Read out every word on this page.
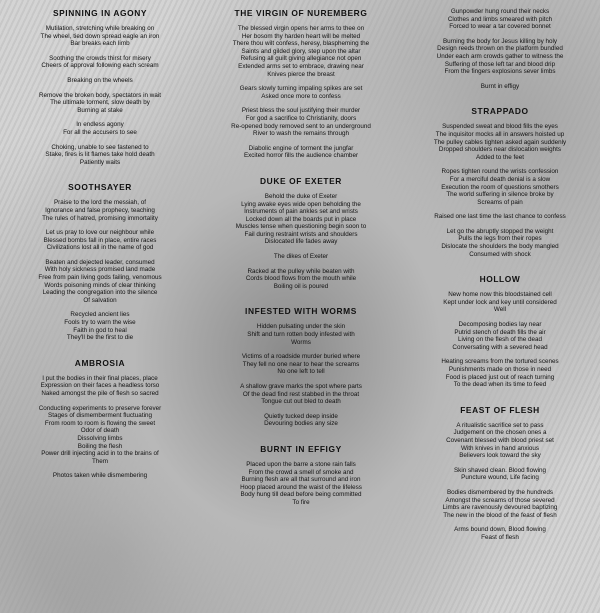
SPINNING IN AGONY
Mutilation, stretching while breaking on
The wheel, tied down spread eagle an iron
Bar breaks each limb
Soothing the crowds thirst for misery
Cheers of approval following each scream
Breaking on the wheels
Remove the broken body, spectators in wait
The ultimate torment, slow death by
Burning at stake
In endless agony
For all the accusers to see
Choking, unable to see fastened to
Stake, fires is lit flames take hold death
Patiently waits
SOOTHSAYER
Praise to the lord the messiah, of
Ignorance and false prophecy, teaching
The rules of hatred, promising immortality
Let us pray to love our neighbour while
Blessed bombs fall in place, entire races
Civilizations lost all in the name of god
Beaten and dejected leader, consumed
With holy sickness promised land made
Free from pain living gods failing, venomous
Words poisoning minds of clear thinking
Leading the congregation into the silence
Of salvation
Recycled ancient lies
Fools try to warn the wise
Faith in god to heal
They'll be the first to die
AMBROSIA
I put the bodies in their final places, place
Expression on their faces a headless torso
Naked amongst the pile of flesh so sacred
Conducting experiments to preserve forever
Stages of dismemberment fluctuating
From room to room is flowing the sweet
Odor of death
Dissolving limbs
Boiling the flesh
Power drill injecting acid in to the brains of
Them
Photos taken while dismembering
THE VIRGIN OF NUREMBERG
The blessed virgin opens her arms to thee on
Her bosom thy harden heart will be melted
There thou wilt confess, heresy, blaspheming the
Saints and gilded glory, step upon the altar
Refusing all guilt giving allegiance not open
Extended arms set to embrace, drawing near
Knives pierce the breast
Gears slowly turning impaling spikes are set
Asked once more to confess
Priest bless the soul justifying their murder
For god a sacrifice to Christianity, doors
Re-opened body removed sent to an underground
River to wash the remains through
Diabolic engine of torment the jungfar
Excited horror fills the audience chamber
DUKE OF EXETER
Behold the duke of Exeter
Lying awake eyes wide open beholding the
Instruments of pain ankles set and wrists
Locked down all the boards put in place
Muscles tense when questioning begin soon to
Fail during restraint wrists and shoulders
Dislocated life fades away
The dikes of Exeter
Racked at the pulley while beaten with
Cords blood flows from the mouth while
Boiling oil is poured
INFESTED WITH WORMS
Hidden pulsating under the skin
Shift and turn rotten body infested with
Worms
Victims of a roadside murder buried where
They fell no one near to hear the screams
No one left to tell
A shallow grave marks the spot where parts
Of the dead find rest stabbed in the throat
Tongue cut out bled to death
Quietly tucked deep inside
Devouring bodies any size
BURNT IN EFFIGY
Placed upon the barre a stone rain falls
From the crowd a smell of smoke and
Burning flesh are all that surround and iron
Hoop placed around the waist of the lifeless
Body hung till dead before being committed
To fire
Gunpowder hung round their necks
Clothes and limbs smeared with pitch
Forced to wear a tar covered bonnet
Burning the body for Jesus killing by holy
Design reeds thrown on the platform bundled
Under each arm crowds gather to witness the
Suffering of those left tar and blood drip
From the fingers explosions sever limbs
Burnt in effigy
STRAPPADO
Suspended sweat and blood fills the eyes
The inquisitor mocks all in answers hoisted up
The pulley cables tighten asked again suddenly
Dropped shoulders near dislocation weights
Added to the feet
Ropes tighten round the wrists confession
For a merciful death denial is a slow
Execution the room of questions smothers
The world suffering in silence broke by
Screams of pain
Raised one last time the last chance to confess
Let go the abruptly stopped the weight
Pulls the legs from their ropes
Dislocate the shoulders the body mangled
Consumed with shock
HOLLOW
New home now this bloodstained cell
Kept under lock and key until considered
Well
Decomposing bodies lay near
Putrid stench of death fills the air
Living on the flesh of the dead
Conversating with a severed head
Heating screams from the tortured scenes
Punishments made on those in need
Food is placed just out of reach turning
To the dead when its time to feed
FEAST OF FLESH
A ritualistic sacrifice set to pass
Judgement on the chosen ones a
Covenant blessed with blood priest set
With knives in hand anxious
Believers look toward the sky
Skin shaved clean. Blood flowing
Puncture wound, Life facing
Bodies dismembered by the hundreds
Amongst the screams of those severed
Limbs are ravenously devoured baptizing
The new in the blood of the feast of flesh
Arms bound down, Blood flowing
Feast of flesh
